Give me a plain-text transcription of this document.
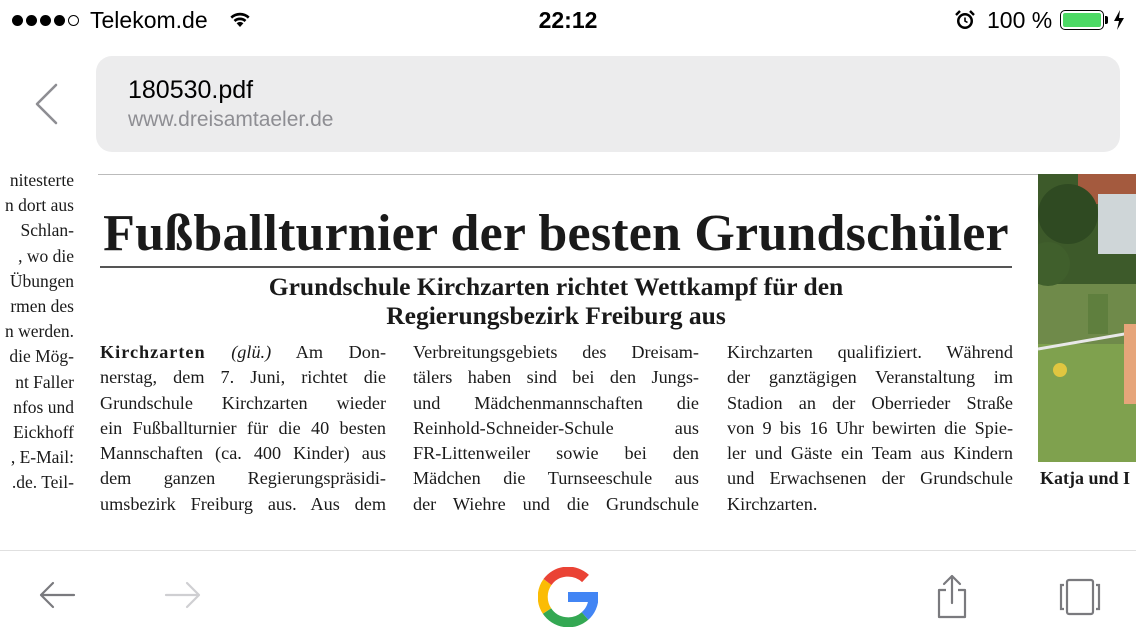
Telekom.de	22:12	100 %
180530.pdf
www.dreisamtaeler.de
nitesterte
n dort aus
Schlan-
, wo die
Übungen
rmen des
n werden.
die Mög-
nt Faller
nfos und
Eickhoff
, E-Mail:
.de. Teil-
Fußballturnier der besten Grundschüler
Grundschule Kirchzarten richtet Wettkampf für den
Regierungsbezirk Freiburg aus
Kirchzarten (glü.) Am Don-
nerstag, dem 7. Juni, richtet die
Grundschule Kirchzarten wieder
ein Fußballturnier für die 40 besten
Mannschaften (ca. 400 Kinder) aus
dem ganzen Regierungspräsidi-
umsbezirk Freiburg aus. Aus dem
Verbreitungsgebiets des Dreisam-
tälers haben sind bei den Jungs-
und Mädchenmannschaften die
Reinhold-Schneider-Schule aus
FR-Littenweiler sowie bei den
Mädchen die Turnseeschule aus
der Wiehre und die Grundschule
Kirchzarten qualifiziert. Während
der ganztägigen Veranstaltung im
Stadion an der Oberrieder Straße
von 9 bis 16 Uhr bewirten die Spie-
ler und Gäste ein Team aus Kindern
und Erwachsenen der Grundschule
Kirchzarten.
Katja und I
